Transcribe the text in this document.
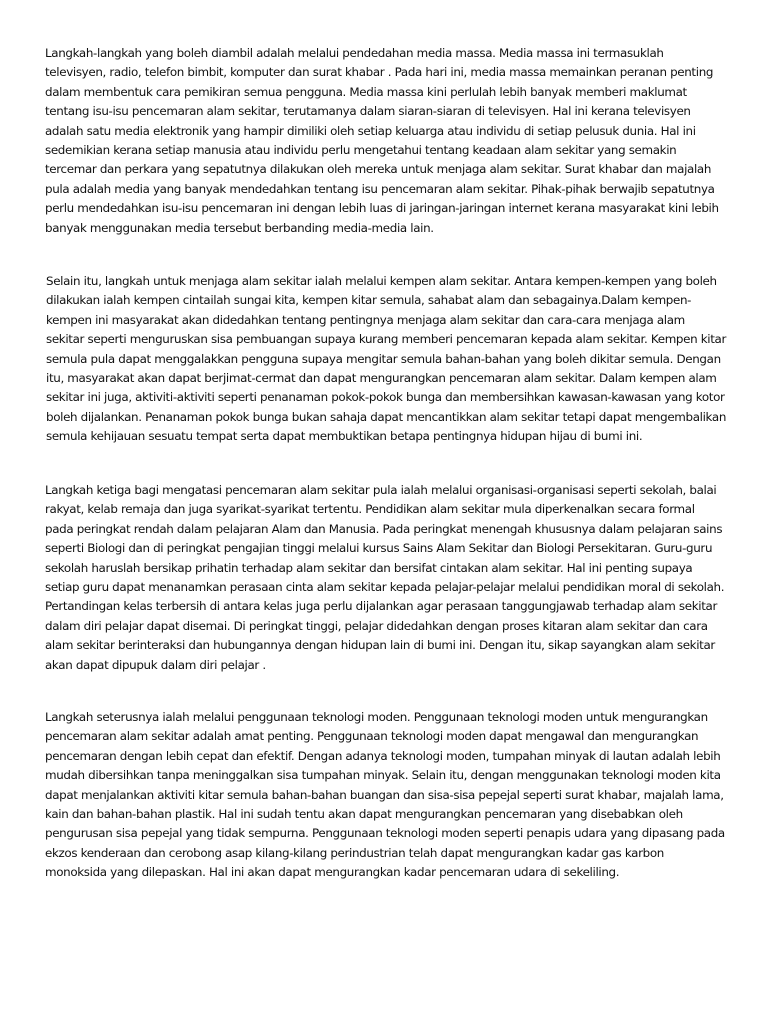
Langkah-langkah yang boleh diambil adalah melalui pendedahan media massa. Media massa ini termasuklah televisyen, radio, telefon bimbit, komputer dan surat khabar . Pada hari ini, media massa memainkan peranan penting dalam membentuk cara pemikiran semua pengguna. Media massa kini perlulah lebih banyak memberi maklumat tentang isu-isu pencemaran alam sekitar, terutamanya dalam siaran-siaran di televisyen. Hal ini kerana televisyen adalah satu media elektronik yang hampir dimiliki oleh setiap keluarga atau individu di setiap pelusuk dunia. Hal ini sedemikian kerana setiap manusia atau individu perlu mengetahui tentang keadaan alam sekitar yang semakin tercemar dan perkara yang sepatutnya dilakukan oleh mereka untuk menjaga alam sekitar. Surat khabar dan majalah pula adalah media yang banyak mendedahkan tentang isu pencemaran alam sekitar. Pihak-pihak berwajib sepatutnya perlu mendedahkan isu-isu pencemaran ini dengan lebih luas di jaringan-jaringan internet kerana masyarakat kini lebih banyak menggunakan media tersebut berbanding media-media lain.

Selain itu, langkah untuk menjaga alam sekitar ialah melalui kempen alam sekitar. Antara kempen-kempen yang boleh dilakukan ialah kempen cintailah sungai kita, kempen kitar semula, sahabat alam dan sebagainya.Dalam kempen-kempen ini masyarakat akan didedahkan tentang pentingnya menjaga alam sekitar dan cara-cara menjaga alam sekitar seperti menguruskan sisa pembuangan supaya kurang memberi pencemaran kepada alam sekitar. Kempen kitar semula pula dapat menggalakkan pengguna supaya mengitar semula bahan-bahan yang boleh dikitar semula. Dengan itu, masyarakat akan dapat berjimat-cermat dan dapat mengurangkan pencemaran alam sekitar. Dalam kempen alam sekitar ini juga, aktiviti-aktiviti seperti penanaman pokok-pokok bunga dan membersihkan kawasan-kawasan yang kotor boleh dijalankan. Penanaman pokok bunga bukan sahaja dapat mencantikkan alam sekitar tetapi dapat mengembalikan semula kehijauan sesuatu tempat serta dapat membuktikan betapa pentingnya hidupan hijau di bumi ini.

Langkah ketiga bagi mengatasi pencemaran alam sekitar pula ialah melalui organisasi-organisasi seperti sekolah, balai rakyat, kelab remaja dan juga syarikat-syarikat tertentu. Pendidikan alam sekitar mula diperkenalkan secara formal pada peringkat rendah dalam pelajaran Alam dan Manusia. Pada peringkat menengah khususnya dalam pelajaran sains seperti Biologi dan di peringkat pengajian tinggi melalui kursus Sains Alam Sekitar dan Biologi Persekitaran. Guru-guru sekolah haruslah bersikap prihatin terhadap alam sekitar dan bersifat cintakan alam sekitar. Hal ini penting supaya setiap guru dapat menanamkan perasaan cinta alam sekitar kepada pelajar-pelajar melalui pendidikan moral di sekolah. Pertandingan kelas terbersih di antara kelas juga perlu dijalankan agar perasaan tanggungjawab terhadap alam sekitar dalam diri pelajar dapat disemai. Di peringkat tinggi, pelajar didedahkan dengan proses kitaran alam sekitar dan cara alam sekitar berinteraksi dan hubungannya dengan hidupan lain di bumi ini. Dengan itu, sikap sayangkan alam sekitar akan dapat dipupuk dalam diri pelajar .

Langkah seterusnya ialah melalui penggunaan teknologi moden. Penggunaan teknologi moden untuk mengurangkan pencemaran alam sekitar adalah amat penting. Penggunaan teknologi moden dapat mengawal dan mengurangkan pencemaran dengan lebih cepat dan efektif. Dengan adanya teknologi moden, tumpahan minyak di lautan adalah lebih mudah dibersihkan tanpa meninggalkan sisa tumpahan minyak. Selain itu, dengan menggunakan teknologi moden kita dapat menjalankan aktiviti kitar semula bahan-bahan buangan dan sisa-sisa pepejal seperti surat khabar, majalah lama, kain dan bahan-bahan plastik. Hal ini sudah tentu akan dapat mengurangkan pencemaran yang disebabkan oleh pengurusan sisa pepejal yang tidak sempurna. Penggunaan teknologi moden seperti penapis udara yang dipasang pada ekzos kenderaan dan cerobong asap kilang-kilang perindustrian telah dapat mengurangkan kadar gas karbon monoksida yang dilepaskan. Hal ini akan dapat mengurangkan kadar pencemaran udara di sekeliling.
